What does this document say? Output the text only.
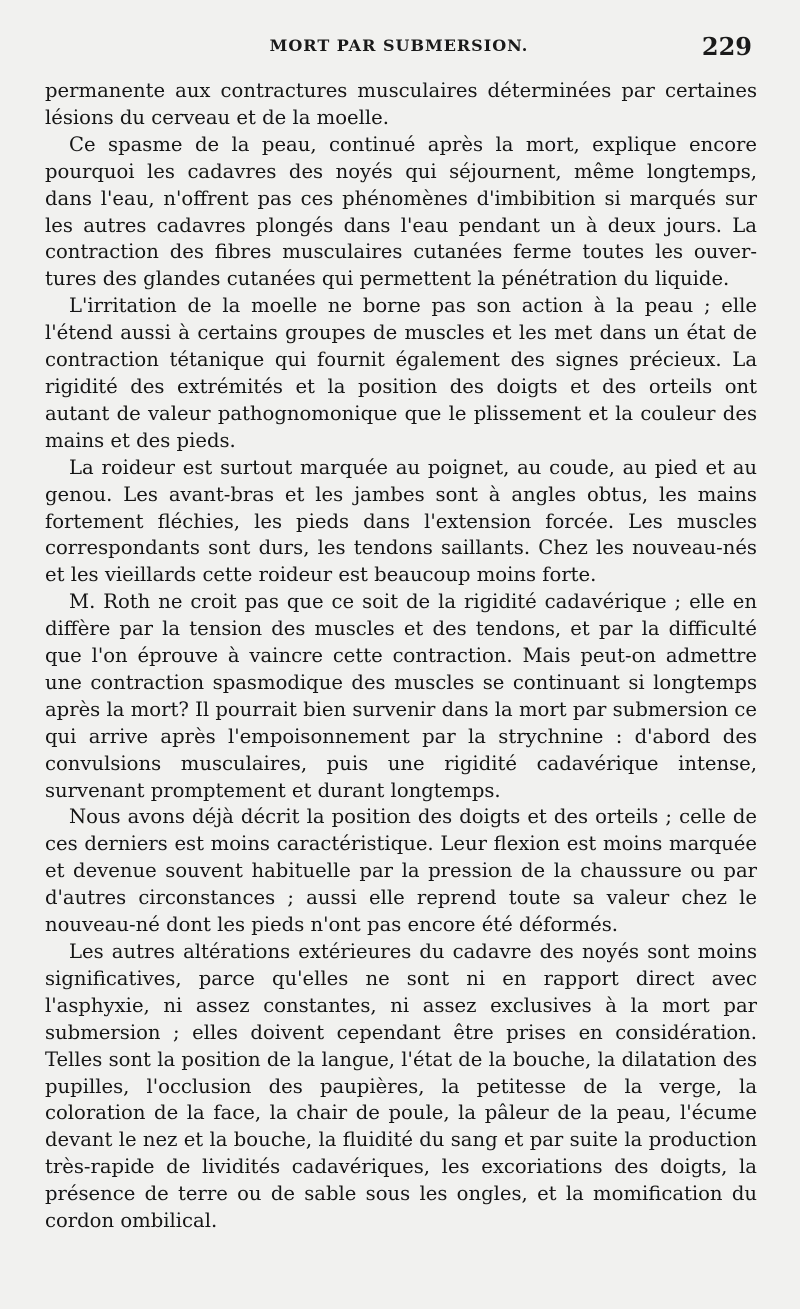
MORT PAR SUBMERSION.	229

permanente aux contractures musculaires déterminées par certaines lésions du cerveau et de la moelle.

Ce spasme de la peau, continué après la mort, explique encore pourquoi les cadavres des noyés qui séjournent, même longtemps, dans l'eau, n'offrent pas ces phénomènes d'imbibition si marqués sur les autres cadavres plongés dans l'eau pendant un à deux jours. La contraction des fibres musculaires cutanées ferme toutes les ouvertures des glandes cutanées qui permettent la pénétration du liquide.

L'irritation de la moelle ne borne pas son action à la peau ; elle l'étend aussi à certains groupes de muscles et les met dans un état de contraction tétanique qui fournit également des signes précieux. La rigidité des extrémités et la position des doigts et des orteils ont autant de valeur pathognomonique que le plissement et la couleur des mains et des pieds.

La roideur est surtout marquée au poignet, au coude, au pied et au genou. Les avant-bras et les jambes sont à angles obtus, les mains fortement fléchies, les pieds dans l'extension forcée. Les muscles correspondants sont durs, les tendons saillants. Chez les nouveau-nés et les vieillards cette roideur est beaucoup moins forte.

M. Roth ne croit pas que ce soit de la rigidité cadavérique ; elle en diffère par la tension des muscles et des tendons, et par la difficulté que l'on éprouve à vaincre cette contraction. Mais peut-on admettre une contraction spasmodique des muscles se continuant si longtemps après la mort? Il pourrait bien survenir dans la mort par submersion ce qui arrive après l'empoisonnement par la strychnine : d'abord des convulsions musculaires, puis une rigidité cadavérique intense, survenant promptement et durant longtemps.

Nous avons déjà décrit la position des doigts et des orteils ; celle de ces derniers est moins caractéristique. Leur flexion est moins marquée et devenue souvent habituelle par la pression de la chaussure ou par d'autres circonstances ; aussi elle reprend toute sa valeur chez le nouveau-né dont les pieds n'ont pas encore été déformés.

Les autres altérations extérieures du cadavre des noyés sont moins significatives, parce qu'elles ne sont ni en rapport direct avec l'asphyxie, ni assez constantes, ni assez exclusives à la mort par submersion ; elles doivent cependant être prises en considération. Telles sont la position de la langue, l'état de la bouche, la dilatation des pupilles, l'occlusion des paupières, la petitesse de la verge, la coloration de la face, la chair de poule, la pâleur de la peau, l'écume devant le nez et la bouche, la fluidité du sang et par suite la production très-rapide de lividités cadavériques, les excoriations des doigts, la présence de terre ou de sable sous les ongles, et la momification du cordon ombilical.
